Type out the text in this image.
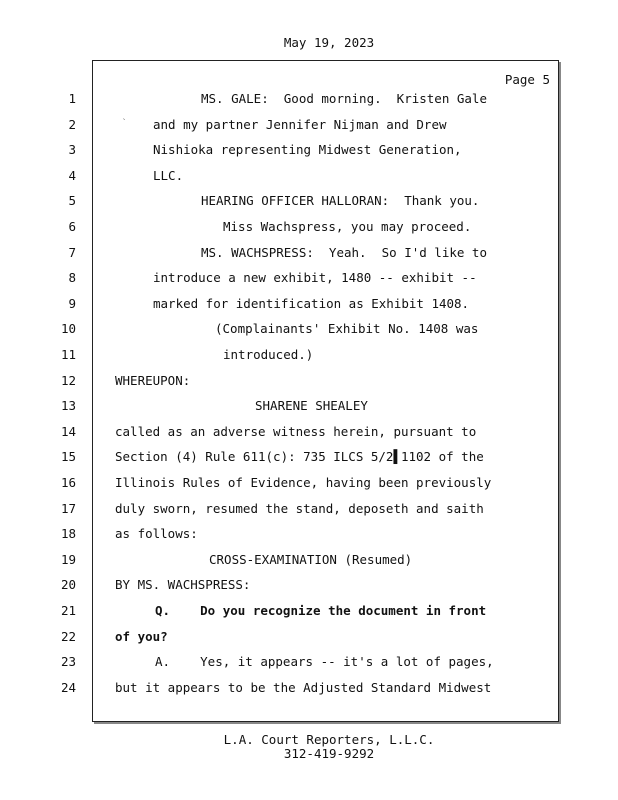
May 19, 2023
Page 5
1	MS. GALE:  Good morning.  Kristen Gale
2	and my partner Jennifer Nijman and Drew
3	Nishioka representing Midwest Generation,
4	LLC.
5	HEARING OFFICER HALLORAN:  Thank you.
6	Miss Wachspress, you may proceed.
7	MS. WACHSPRESS:  Yeah.  So I'd like to
8	introduce a new exhibit, 1480 -- exhibit --
9	marked for identification as Exhibit 1408.
10	(Complainants' Exhibit No. 1408 was
11	introduced.)
12	WHEREUPON:
13	SHARENE SHEALEY
14	called as an adverse witness herein, pursuant to
15	Section (4) Rule 611(c): 735 ILCS 5/2▌1102 of the
16	Illinois Rules of Evidence, having been previously
17	duly sworn, resumed the stand, deposeth and saith
18	as follows:
19	CROSS-EXAMINATION (Resumed)
20	BY MS. WACHSPRESS:
21	Q.    Do you recognize the document in front
22	of you?
23	A.    Yes, it appears -- it's a lot of pages,
24	but it appears to be the Adjusted Standard Midwest
`
L.A. Court Reporters, L.L.C.
312-419-9292
